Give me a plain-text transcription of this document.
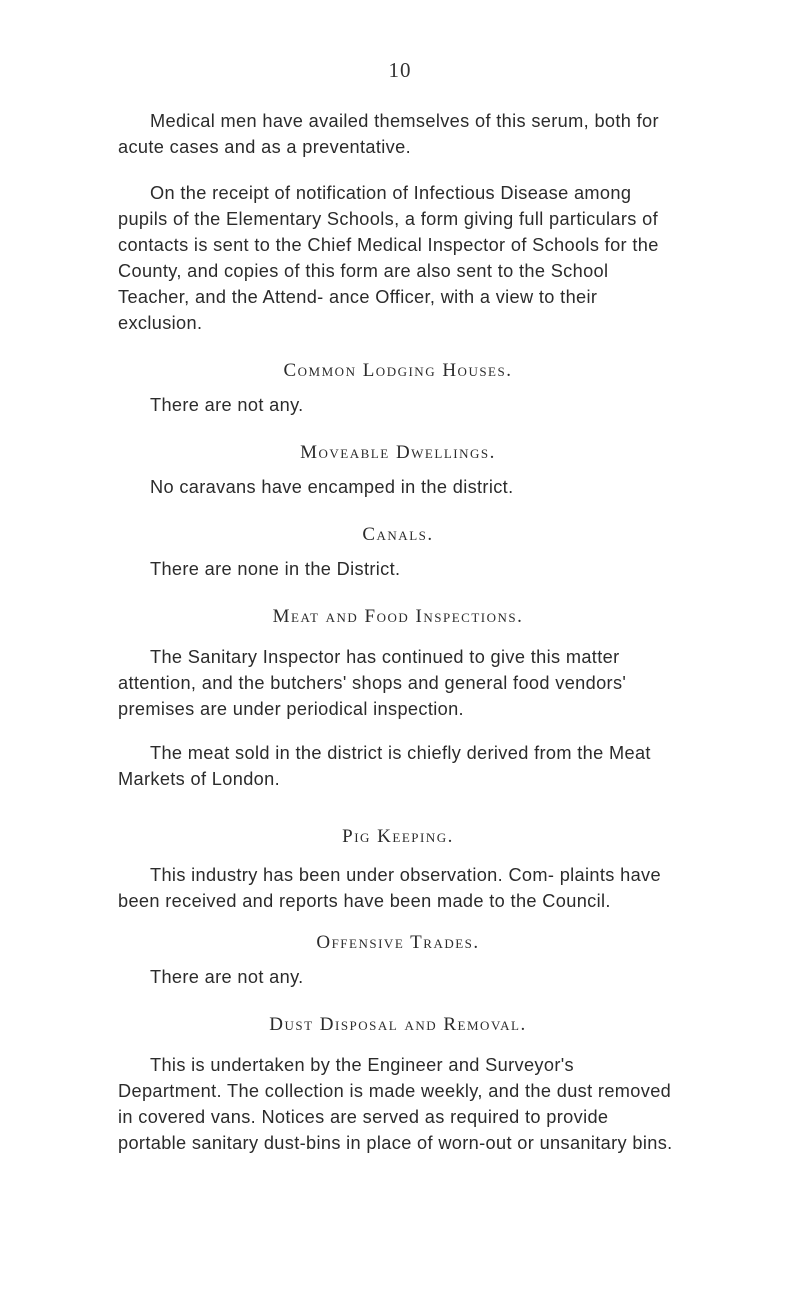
10

Medical men have availed themselves of this serum, both for acute cases and as a preventative.

On the receipt of notification of Infectious Disease among pupils of the Elementary Schools, a form giving full particulars of contacts is sent to the Chief Medical Inspector of Schools for the County, and copies of this form are also sent to the School Teacher, and the Attend- ance Officer, with a view to their exclusion.

Common Lodging Houses.

There are not any.

Moveable Dwellings.

No caravans have encamped in the district.

Canals.

There are none in the District.

Meat and Food Inspections.

The Sanitary Inspector has continued to give this matter attention, and the butchers' shops and general food vendors' premises are under periodical inspection.

The meat sold in the district is chiefly derived from the Meat Markets of London.

Pig Keeping.

This industry has been under observation. Com- plaints have been received and reports have been made to the Council.

Offensive Trades.

There are not any.

Dust Disposal and Removal.

This is undertaken by the Engineer and Surveyor's Department. The collection is made weekly, and the dust removed in covered vans. Notices are served as required to provide portable sanitary dust-bins in place of worn-out or unsanitary bins.
